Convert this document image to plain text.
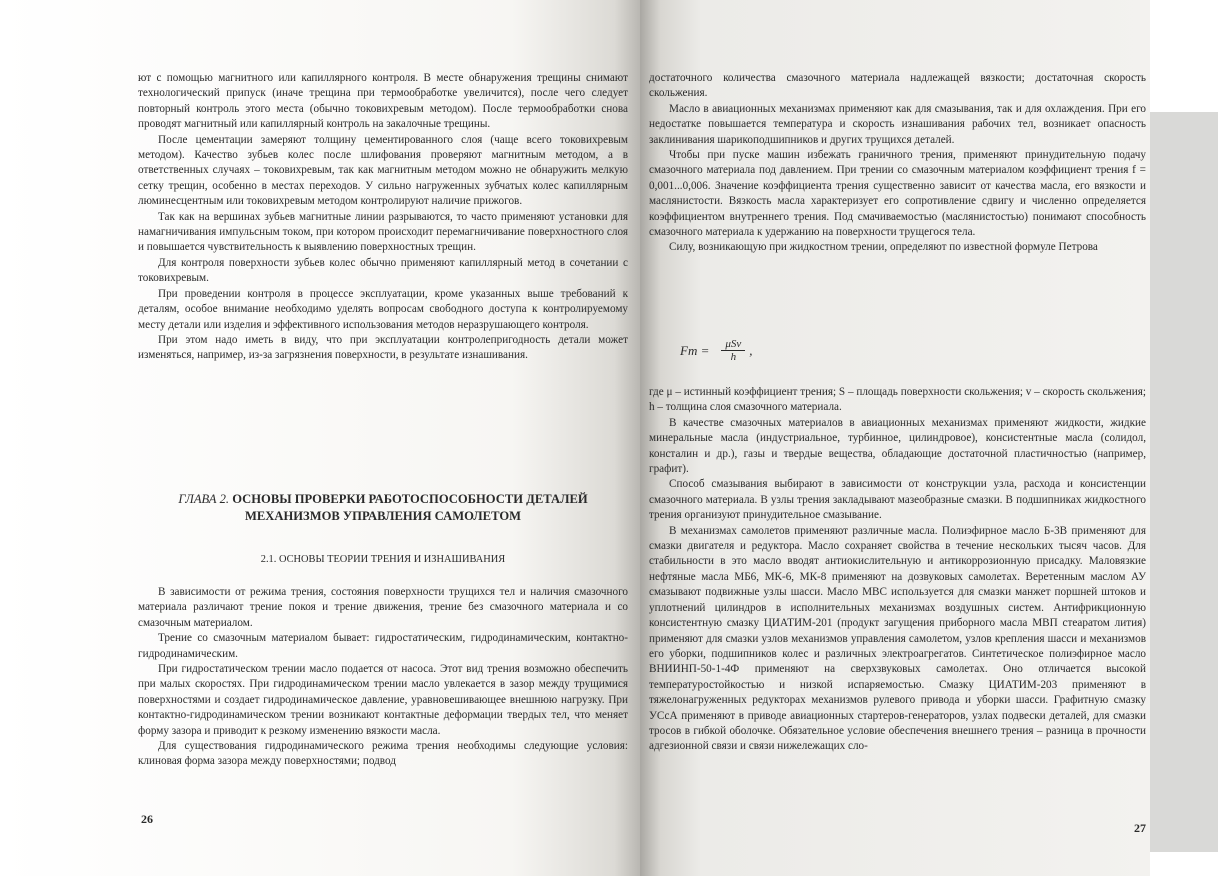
ют с помощью магнитного или капиллярного контроля. В месте обнаружения трещины снимают технологический припуск (иначе трещина при термообработке увеличится), после чего следует повторный контроль этого места (обычно токовихревым методом). После термообработки снова проводят магнитный или капиллярный контроль на закалочные трещины.

После цементации замеряют толщину цементированного слоя (чаще всего токовихревым методом). Качество зубьев колес после шлифования проверяют магнитным методом, а в ответственных случаях – токовихревым, так как магнитным методом можно не обнаружить мелкую сетку трещин, особенно в местах переходов. У сильно нагруженных зубчатых колес капиллярным люминесцентным или токовихревым методом контролируют наличие прижогов.

Так как на вершинах зубьев магнитные линии разрываются, то часто применяют установки для намагничивания импульсным током, при котором происходит перемагничивание поверхностного слоя и повышается чувствительность к выявлению поверхностных трещин.

Для контроля поверхности зубьев колес обычно применяют капиллярный метод в сочетании с токовихревым.

При проведении контроля в процессе эксплуатации, кроме указанных выше требований к деталям, особое внимание необходимо уделять вопросам свободного доступа к контролируемому месту детали или изделия и эффективного использования методов неразрушающего контроля.

При этом надо иметь в виду, что при эксплуатации контролепригодность детали может изменяться, например, из-за загрязнения поверхности, в результате изнашивания.

ГЛАВА 2. ОСНОВЫ ПРОВЕРКИ РАБОТОСПОСОБНОСТИ ДЕТАЛЕЙ МЕХАНИЗМОВ УПРАВЛЕНИЯ САМОЛЕТОМ
2.1. ОСНОВЫ ТЕОРИИ ТРЕНИЯ И ИЗНАШИВАНИЯ

В зависимости от режима трения, состояния поверхности трущихся тел и наличия смазочного материала различают трение покоя и трение движения, трение без смазочного материала и со смазочным материалом.

Трение со смазочным материалом бывает: гидростатическим, гидродинамическим, контактно-гидродинамическим.

При гидростатическом трении масло подается от насоса. Этот вид трения возможно обеспечить при малых скоростях. При гидродинамическом трении масло увлекается в зазор между трущимися поверхностями и создает гидродинамическое давление, уравновешивающее внешнюю нагрузку. При контактно-гидродинамическом трении возникают контактные деформации твердых тел, что меняет форму зазора и приводит к резкому изменению вязкости масла.

Для существования гидродинамического режима трения необходимы следующие условия: клиновая форма зазора между поверхностями; подвод

26

достаточного количества смазочного материала надлежащей вязкости; достаточная скорость скольжения.

Масло в авиационных механизмах применяют как для смазывания, так и для охлаждения. При его недостатке повышается температура и скорость изнашивания рабочих тел, возникает опасность заклинивания шарикоподшипников и других трущихся деталей.

Чтобы при пуске машин избежать граничного трения, применяют принудительную подачу смазочного материала под давлением. При трении со смазочным материалом коэффициент трения f = 0,001...0,006. Значение коэффициента трения существенно зависит от качества масла, его вязкости и маслянистости. Вязкость масла характеризует его сопротивление сдвигу и численно определяется коэффициентом внутреннего трения. Под смачиваемостью (маслянистостью) понимают способность смазочного материала к удержанию на поверхности трущегося тела.

Силу, возникающую при жидкостном трении, определяют по известной формуле Петрова

где μ – истинный коэффициент трения; S – площадь поверхности скольжения; v – скорость скольжения; h – толщина слоя смазочного материала.

В качестве смазочных материалов в авиационных механизмах применяют жидкости, жидкие минеральные масла (индустриальное, турбинное, цилиндровое), консистентные масла (солидол, консталин и др.), газы и твердые вещества, обладающие достаточной пластичностью (например, графит).

Способ смазывания выбирают в зависимости от конструкции узла, расхода и консистенции смазочного материала. В узлы трения закладывают мазеобразные смазки. В подшипниках жидкостного трения организуют принудительное смазывание.

В механизмах самолетов применяют различные масла. Полиэфирное масло Б-3В применяют для смазки двигателя и редуктора. Масло сохраняет свойства в течение нескольких тысяч часов. Для стабильности в это масло вводят антиокислительную и антикоррозионную присадку. Маловязкие нефтяные масла МБ6, МК-6, МК-8 применяют на дозвуковых самолетах. Веретенным маслом АУ смазывают подвижные узлы шасси. Масло МВС используется для смазки манжет поршней штоков и уплотнений цилиндров в исполнительных механизмах воздушных систем. Антифрикционную консистентную смазку ЦИАТИМ-201 (продукт загущения приборного масла МВП стеаратом лития) применяют для смазки узлов механизмов управления самолетом, узлов крепления шасси и механизмов его уборки, подшипников колес и различных электроагрегатов. Синтетическое полиэфирное масло ВНИИНП-50-1-4Ф применяют на сверхзвуковых самолетах. Оно отличается высокой температуростойкостью и низкой испаряемостью. Смазку ЦИАТИМ-203 применяют в тяжелонагруженных редукторах механизмов рулевого привода и уборки шасси. Графитную смазку УСсА применяют в приводе авиационных стартеров-генераторов, узлах подвески деталей, для смазки тросов в гибкой оболочке. Обязательное условие обеспечения внешнего трения – разница в прочности адгезионной связи и связи нижележащих сло-

27
Fт = $\frac{\text{μSv}}{h}$ ,
